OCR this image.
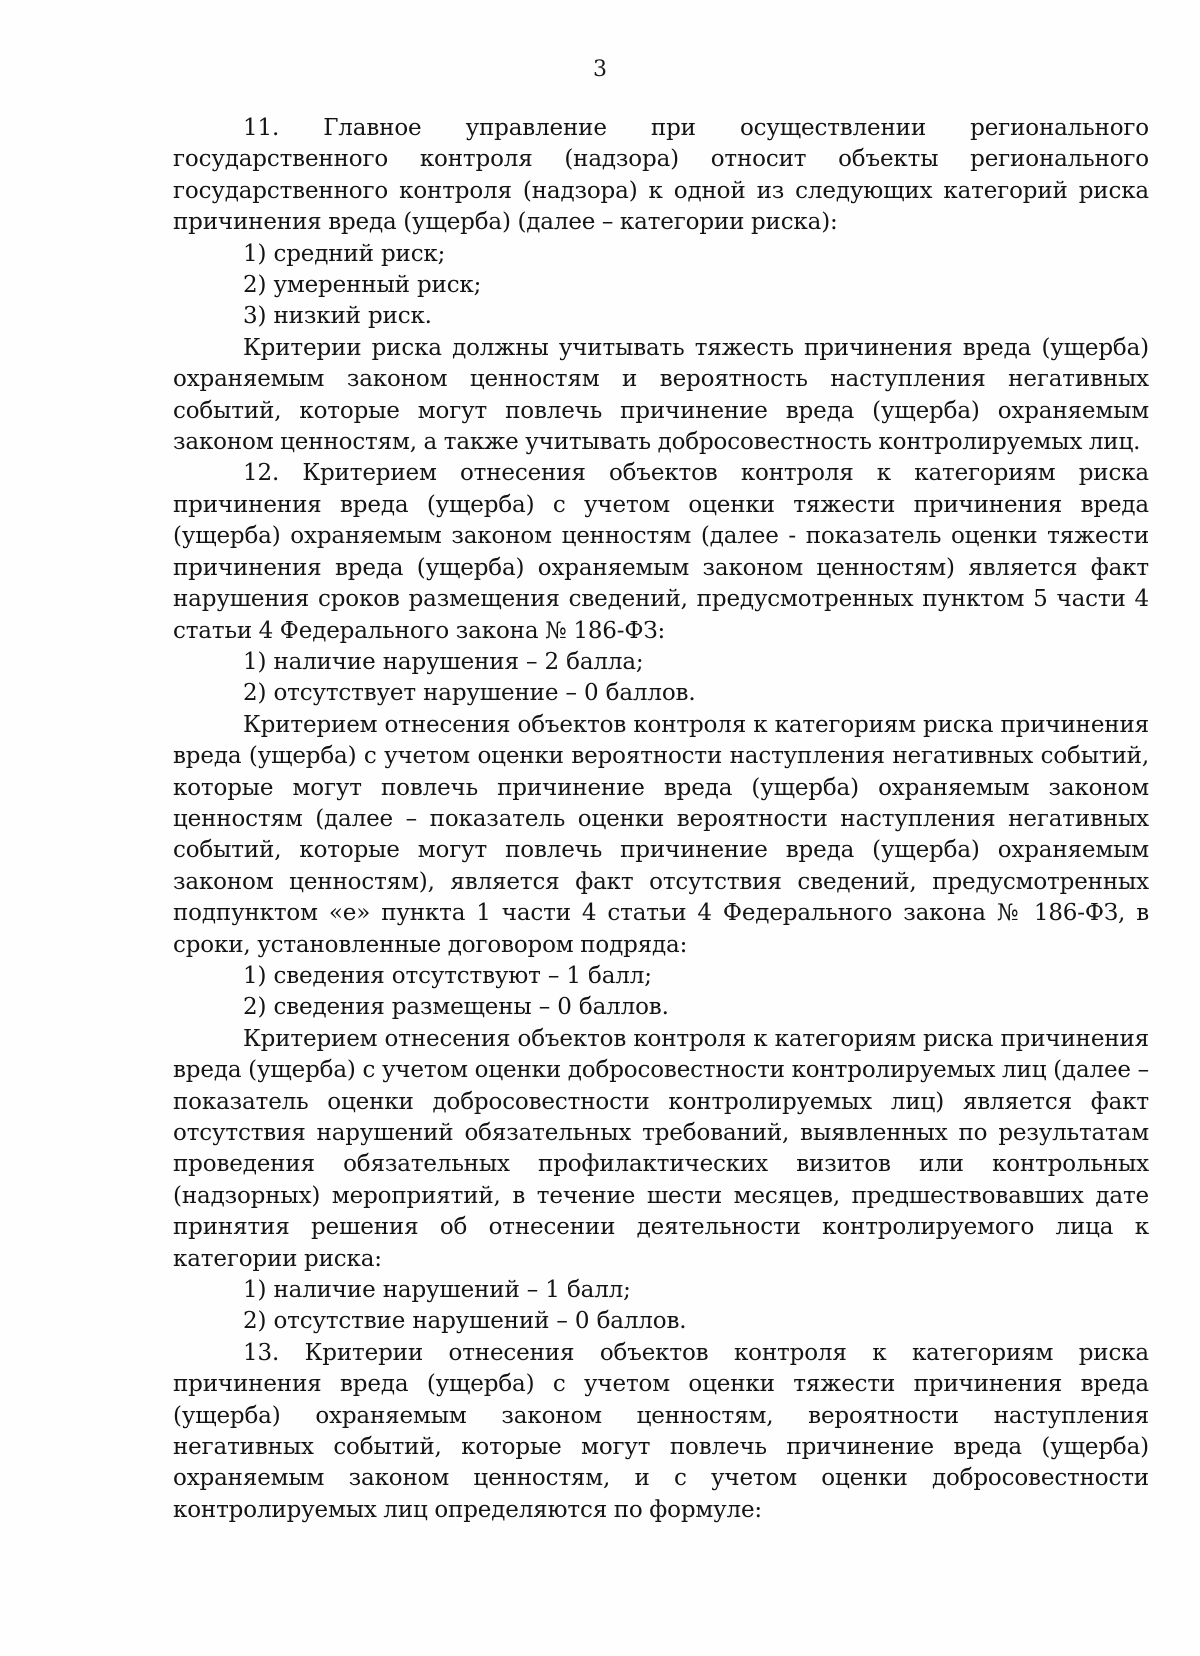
3

11. Главное управление при осуществлении регионального государственного контроля (надзора) относит объекты регионального государственного контроля (надзора) к одной из следующих категорий риска причинения вреда (ущерба) (далее – категории риска):

1) средний риск;

2) умеренный риск;

3) низкий риск.

Критерии риска должны учитывать тяжесть причинения вреда (ущерба) охраняемым законом ценностям и вероятность наступления негативных событий, которые могут повлечь причинение вреда (ущерба) охраняемым законом ценностям, а также учитывать добросовестность контролируемых лиц.

12. Критерием отнесения объектов контроля к категориям риска причинения вреда (ущерба) с учетом оценки тяжести причинения вреда (ущерба) охраняемым законом ценностям (далее - показатель оценки тяжести причинения вреда (ущерба) охраняемым законом ценностям) является факт нарушения сроков размещения сведений, предусмотренных пунктом 5 части 4 статьи 4 Федерального закона № 186-ФЗ:

1) наличие нарушения – 2 балла;

2) отсутствует нарушение – 0 баллов.

Критерием отнесения объектов контроля к категориям риска причинения вреда (ущерба) с учетом оценки вероятности наступления негативных событий, которые могут повлечь причинение вреда (ущерба) охраняемым законом ценностям (далее – показатель оценки вероятности наступления негативных событий, которые могут повлечь причинение вреда (ущерба) охраняемым законом ценностям), является факт отсутствия сведений, предусмотренных подпунктом «е» пункта 1 части 4 статьи 4 Федерального закона № 186-ФЗ, в сроки, установленные договором подряда:

1) сведения отсутствуют – 1 балл;

2) сведения размещены – 0 баллов.

Критерием отнесения объектов контроля к категориям риска причинения вреда (ущерба) с учетом оценки добросовестности контролируемых лиц (далее – показатель оценки добросовестности контролируемых лиц) является факт отсутствия нарушений обязательных требований, выявленных по результатам проведения обязательных профилактических визитов или контрольных (надзорных) мероприятий, в течение шести месяцев, предшествовавших дате принятия решения об отнесении деятельности контролируемого лица к категории риска:

1) наличие нарушений – 1 балл;

2) отсутствие нарушений – 0 баллов.

13. Критерии отнесения объектов контроля к категориям риска причинения вреда (ущерба) с учетом оценки тяжести причинения вреда (ущерба) охраняемым законом ценностям, вероятности наступления негативных событий, которые могут повлечь причинение вреда (ущерба) охраняемым законом ценностям, и с учетом оценки добросовестности контролируемых лиц определяются по формуле:
